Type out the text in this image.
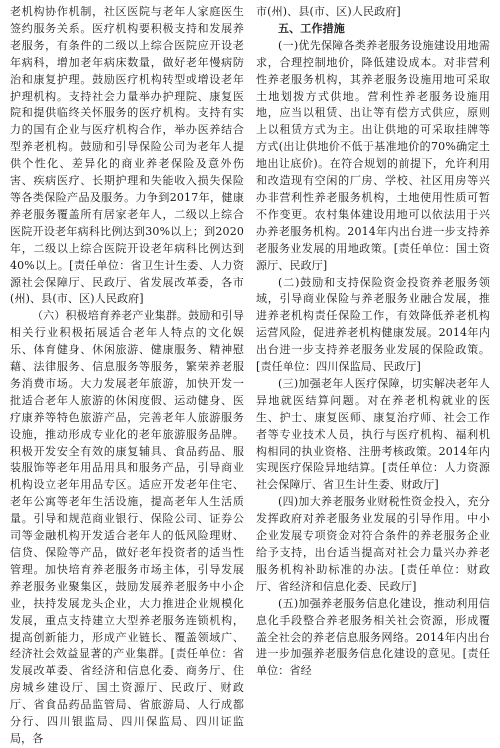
老机构协作机制，社区医院与老年人家庭医生签约服务关系。医疗机构要积极支持和发展养老服务，有条件的二级以上综合医院应开设老年病科，增加老年病床数量，做好老年慢病防治和康复护理。鼓励医疗机构转型或增设老年护理机构。支持社会力量举办护理院、康复医院和提供临终关怀服务的医疗机构。支持有实力的国有企业与医疗机构合作，举办医养结合型养老机构。鼓励和引导保险公司为老年人提供个性化、差异化的商业养老保险及意外伤害、疾病医疗、长期护理和失能收入损失保险等各类保险产品及服务。力争到2017年，健康养老服务覆盖所有居家老年人，二级以上综合医院开设老年病科比例达到30%以上；到2020年，二级以上综合医院开设老年病科比例达到40%以上。[责任单位：省卫生计生委、人力资源社会保障厅、民政厅、省发展改革委，各市(州)、县(市、区)人民政府]

（六）积极培育养老产业集群。鼓励和引导相关行业积极拓展适合老年人特点的文化娱乐、体育健身、休闲旅游、健康服务、精神慰藉、法律服务、信息服务等服务，繁荣养老服务消费市场。大力发展老年旅游，加快开发一批适合老年人旅游的休闲度假、运动健身、医疗康养等特色旅游产品，完善老年人旅游服务设施，推动形成专业化的老年旅游服务品牌。积极开发安全有效的康复辅具、食品药品、服装服饰等老年用品用具和服务产品，引导商业机构设立老年用品专区。适应开发老年住宅、老年公寓等老年生活设施，提高老年人生活质量。引导和规范商业银行、保险公司、证券公司等金融机构开发适合老年人的低风险理财、信贷、保险等产品，做好老年投资者的适当性管理。加快培育养老服务市场主体，引导发展养老服务业聚集区，鼓励发展养老服务中小企业，扶持发展龙头企业，大力推进企业规模化发展，重点支持建立大型养老服务连锁机构，提高创新能力，形成产业链长、覆盖领域广、经济社会效益显著的产业集群。[责任单位：省发展改革委、省经济和信息化委、商务厅、住房城乡建设厅、国土资源厅、民政厅、财政厅、省食品药品监管局、省旅游局、人行成都分行、四川银监局、四川保监局、四川证监局，各

市(州)、县(市、区)人民政府]

五、工作措施

(一)优先保障各类养老服务设施建设用地需求，合理控制地价，降低建设成本。对非营利性养老服务机构，其养老服务设施用地可采取土地划拨方式供地。营利性养老服务设施用地，应当以租赁、出让等有偿方式供应，原则上以租赁方式为主。出让供地的可采取挂牌等方式(出让供地价不低于基准地价的70%确定土地出让底价)。在符合规划的前提下，允许利用和改造现有空闲的厂房、学校、社区用房等兴办非营利性养老服务机构，土地使用性质可暂不作变更。农村集体建设用地可以依法用于兴办养老服务机构。2014年内出台进一步支持养老服务业发展的用地政策。[责任单位：国土资源厅、民政厅]

(二)鼓励和支持保险资金投资养老服务领域，引导商业保险与养老服务业融合发展，推进养老机构责任保险工作，有效降低养老机构运营风险，促进养老机构健康发展。2014年内出台进一步支持养老服务业发展的保险政策。[责任单位：四川保监局、民政厅]

(三)加强老年人医疗保障，切实解决老年人异地就医结算问题。对在养老机构就业的医生、护士、康复医师、康复治疗师、社会工作者等专业技术人员，执行与医疗机构、福利机构相同的执业资格、注册考核政策。2014年内实现医疗保险异地结算。[责任单位：人力资源社会保障厅、省卫生计生委、财政厅]

(四)加大养老服务业财税性资金投入，充分发挥政府对养老服务业发展的引导作用。中小企业发展专项资金对符合条件的养老服务企业给予支持，出台适当提高对社会力量兴办养老服务机构补助标准的办法。[责任单位：财政厅、省经济和信息化委、民政厅]

(五)加强养老服务信息化建设，推动利用信息化手段整合养老服务相关社会资源，形成覆盖全社会的养老信息服务网络。2014年内出台进一步加强养老服务信息化建设的意见。[责任单位：省经
